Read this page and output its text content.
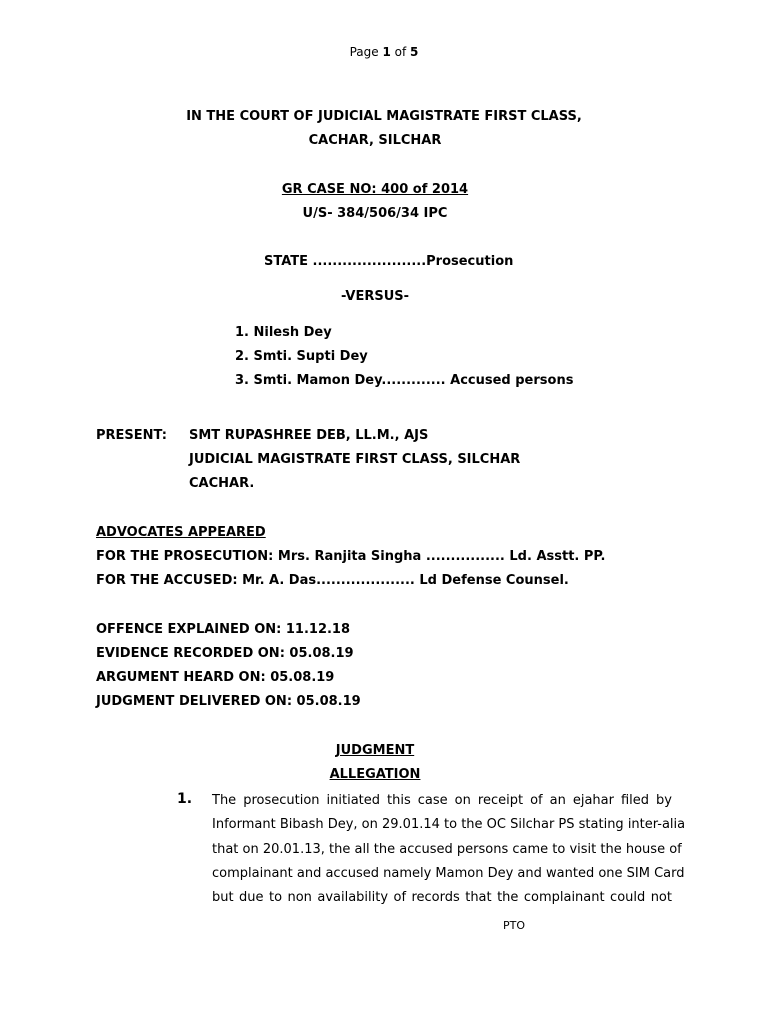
Page 1 of 5
IN THE COURT OF JUDICIAL MAGISTRATE FIRST CLASS,
CACHAR, SILCHAR
GR CASE NO: 400 of 2014
U/S- 384/506/34 IPC
STATE .......................Prosecution
-VERSUS-
1. Nilesh Dey
2. Smti. Supti Dey
3. Smti. Mamon Dey............. Accused persons
PRESENT: SMT RUPASHREE DEB, LL.M., AJS
JUDICIAL MAGISTRATE FIRST CLASS, SILCHAR
CACHAR.
ADVOCATES APPEARED
FOR THE PROSECUTION: Mrs. Ranjita Singha ................ Ld. Asstt. PP.
FOR THE ACCUSED: Mr. A. Das.................... Ld Defense Counsel.
OFFENCE EXPLAINED ON: 11.12.18
EVIDENCE RECORDED ON: 05.08.19
ARGUMENT HEARD ON: 05.08.19
JUDGMENT DELIVERED ON: 05.08.19
JUDGMENT
ALLEGATION
1. The prosecution initiated this case on receipt of an ejahar filed by
Informant Bibash Dey, on 29.01.14 to the OC Silchar PS stating inter-alia
that on 20.01.13, the all the accused persons came to visit the house of
complainant and accused namely Mamon Dey and wanted one SIM Card
but due to non availability of records that the complainant could not
PTO
